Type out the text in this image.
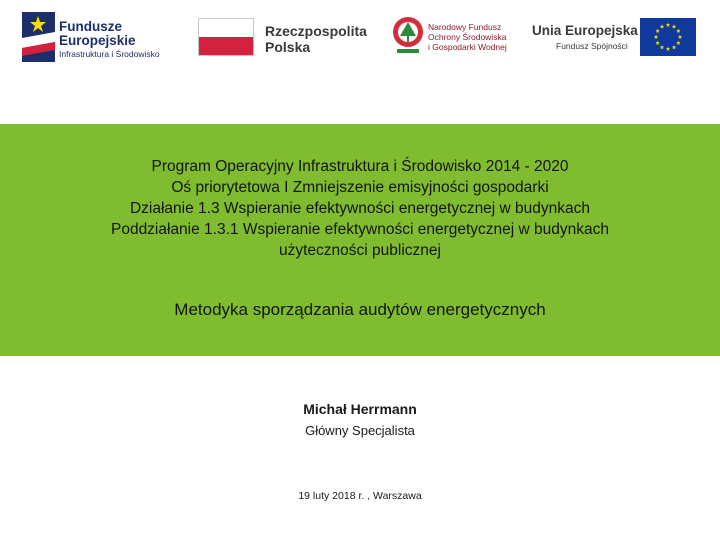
Fundusze
Europejskie
Infrastruktura i Środowisko
Rzeczpospolita
Polska
Narodowy Fundusz
Ochrony Środowiska
i Gospodarki Wodnej
Unia Europejska
Fundusz Spójności
Program Operacyjny Infrastruktura i Środowisko 2014 - 2020
Oś priorytetowa I Zmniejszenie emisyjności gospodarki
Działanie 1.3 Wspieranie efektywności energetycznej w budynkach
Poddziałanie 1.3.1 Wspieranie efektywności energetycznej w budynkach
użyteczności publicznej
Metodyka sporządzania audytów energetycznych
Michał Herrmann
Główny Specjalista
19 luty 2018 r. , Warszawa
